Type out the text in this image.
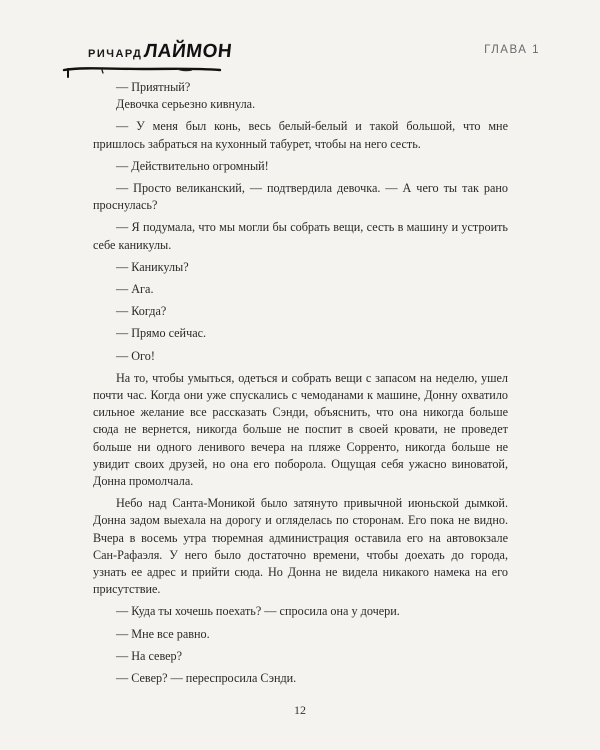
РИЧАРД ЛАЙМОН	ГЛАВА 1

— Приятный?

Девочка серьезно кивнула.

— У меня был конь, весь белый-белый и такой большой, что мне пришлось забраться на кухонный табурет, чтобы на него сесть.

— Действительно огромный!

— Просто великанский, — подтвердила девочка. — А чего ты так рано проснулась?

— Я подумала, что мы могли бы собрать вещи, сесть в машину и устроить себе каникулы.

— Каникулы?

— Ага.

— Когда?

— Прямо сейчас.

— Ого!

На то, чтобы умыться, одеться и собрать вещи с запасом на неделю, ушел почти час. Когда они уже спускались с чемоданами к машине, Донну охватило сильное желание все рассказать Сэнди, объяснить, что она никогда больше сюда не вернется, никогда больше не поспит в своей кровати, не проведет больше ни одного ленивого вечера на пляже Сорренто, никогда больше не увидит своих друзей, но она его поборола. Ощущая себя ужасно виноватой, Донна промолчала.

Небо над Санта-Моникой было затянуто привычной июньской дымкой. Донна задом выехала на дорогу и огляделась по сторонам. Его пока не видно. Вчера в восемь утра тюремная администрация оставила его на автовокзале Сан-Рафаэля. У него было достаточно времени, чтобы доехать до города, узнать ее адрес и прийти сюда. Но Донна не видела никакого намека на его присутствие.

— Куда ты хочешь поехать? — спросила она у дочери.

— Мне все равно.

— На север?

— Север? — переспросила Сэнди.

12
